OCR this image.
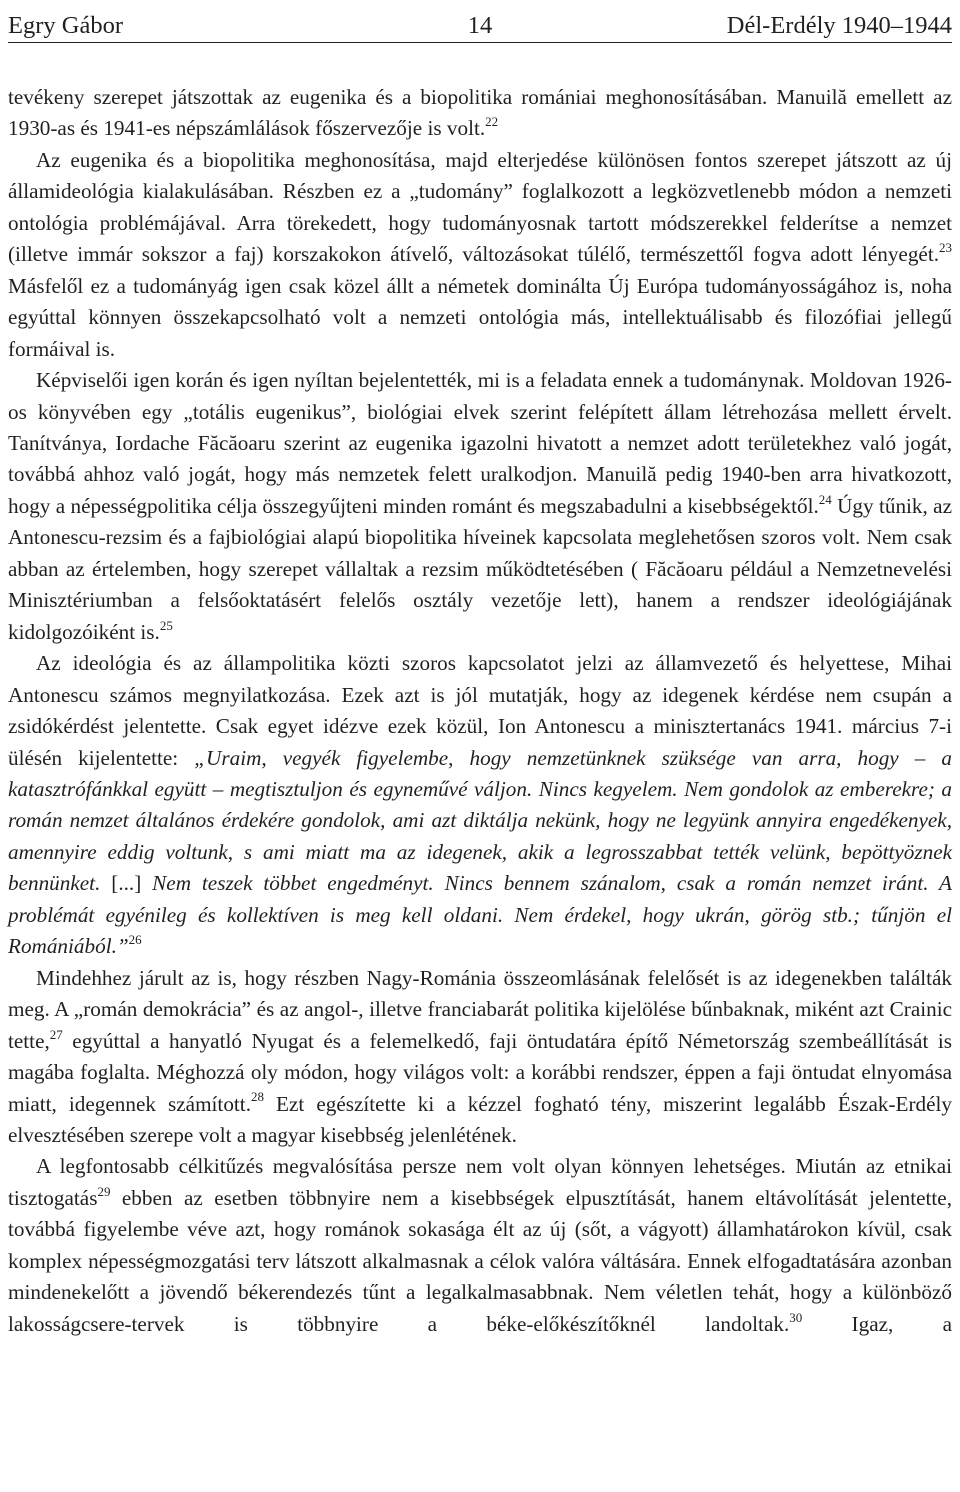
Egry Gábor	14	Dél-Erdély 1940–1944

tevékeny szerepet játszottak az eugenika és a biopolitika romániai meghonosításában. Manuilă emellett az 1930-as és 1941-es népszámlálások főszervezője is volt.$^{22}$

Az eugenika és a biopolitika meghonosítása, majd elterjedése különösen fontos szerepet játszott az új államideológia kialakulásában. Részben ez a „tudomány” foglalkozott a legközvetlenebb módon a nemzeti ontológia problémájával. Arra törekedett, hogy tudományosnak tartott módszerekkel felderítse a nemzet (illetve immár sokszor a faj) korszakokon átívelő, változásokat túlélő, természettől fogva adott lényegét.$^{23}$ Másfelől ez a tudományág igen csak közel állt a németek dominálta Új Európa tudományosságához is, noha egyúttal könnyen összekapcsolható volt a nemzeti ontológia más, intellektuálisabb és filozófiai jellegű formáival is.

Képviselői igen korán és igen nyíltan bejelentették, mi is a feladata ennek a tudománynak. Moldovan 1926-os könyvében egy „totális eugenikus”, biológiai elvek szerint felépített állam létrehozása mellett érvelt. Tanítványa, Iordache Făcăoaru szerint az eugenika igazolni hivatott a nemzet adott területekhez való jogát, továbbá ahhoz való jogát, hogy más nemzetek felett uralkodjon. Manuilă pedig 1940-ben arra hivatkozott, hogy a népességpolitika célja összegyűjteni minden románt és megszabadulni a kisebbségektől.$^{24}$ Úgy tűnik, az Antonescu-rezsim és a fajbiológiai alapú biopolitika híveinek kapcsolata meglehetősen szoros volt. Nem csak abban az értelemben, hogy szerepet vállaltak a rezsim működtetésében ( Făcăoaru például a Nemzetnevelési Minisztériumban a felsőoktatásért felelős osztály vezetője lett), hanem a rendszer ideológiájának kidolgozóiként is.$^{25}$

Az ideológia és az állampolitika közti szoros kapcsolatot jelzi az államvezető és helyettese, Mihai Antonescu számos megnyilatkozása. Ezek azt is jól mutatják, hogy az idegenek kérdése nem csupán a zsidókérdést jelentette. Csak egyet idézve ezek közül, Ion Antonescu a minisztertanács 1941. március 7-i ülésén kijelentette: „Uraim, vegyék figyelembe, hogy nemzetünknek szüksége van arra, hogy – a katasztrófánkkal együtt – megtisztuljon és egyneművé váljon. Nincs kegyelem. Nem gondolok az emberekre; a román nemzet általános érdekére gondolok, ami azt diktálja nekünk, hogy ne legyünk annyira engedékenyek, amennyire eddig voltunk, s ami miatt ma az idegenek, akik a legrosszabbat tették velünk, bepöttyöznek bennünket. [...] Nem teszek többet engedményt. Nincs bennem szánalom, csak a román nemzet iránt. A problémát egyénileg és kollektíven is meg kell oldani. Nem érdekel, hogy ukrán, görög stb.; tűnjön el Romániából.”$^{26}$

Mindehhez járult az is, hogy részben Nagy-Románia összeomlásának felelősét is az idegenekben találták meg. A „román demokrácia” és az angol-, illetve franciabarát politika kijelölése bűnbaknak, miként azt Crainic tette,$^{27}$ egyúttal a hanyatló Nyugat és a felemelkedő, faji öntudatára építő Németország szembeállítását is magába foglalta. Méghozzá oly módon, hogy világos volt: a korábbi rendszer, éppen a faji öntudat elnyomása miatt, idegennek számított.$^{28}$ Ezt egészítette ki a kézzel fogható tény, miszerint legalább Észak-Erdély elvesztésében szerepe volt a magyar kisebbség jelenlétének.

A legfontosabb célkitűzés megvalósítása persze nem volt olyan könnyen lehetséges. Miután az etnikai tisztogatás$^{29}$ ebben az esetben többnyire nem a kisebbségek elpusztítását, hanem eltávolítását jelentette, továbbá figyelembe véve azt, hogy románok sokasága élt az új (sőt, a vágyott) államhatárokon kívül, csak komplex népességmozgatási terv látszott alkalmasnak a célok valóra váltására. Ennek elfogadtatására azonban mindenekelőtt a jövendő békerendezés tűnt a legalkalmasabbnak. Nem véletlen tehát, hogy a különböző lakosságcsere-tervek is többnyire a béke-előkészítőknél landoltak.$^{30}$ Igaz, a
